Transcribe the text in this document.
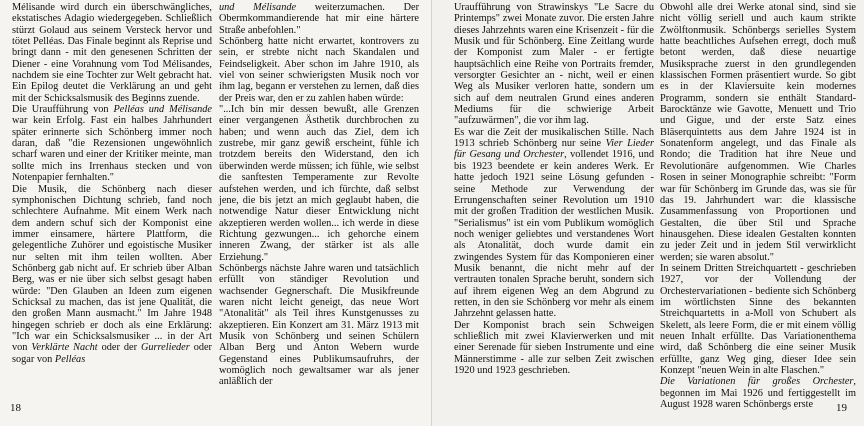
Mélisande wird durch ein überschwängliches, ekstatisches Adagio wiedergegeben. Schließlich stürzt Golaud aus seinem Versteck hervor und tötet Pelléas. Das Finale beginnt als Reprise und bringt dann - mit den genesenen Schritten der Diener - eine Vorahnung vom Tod Mélisandes, nachdem sie eine Tochter zur Welt gebracht hat. Ein Epilog deutet die Verklärung an und geht mit der Schicksalsmusik des Beginns zuende.

Die Uraufführung von Pelléas und Mélisande war kein Erfolg. Fast ein halbes Jahrhundert später erinnerte sich Schönberg immer noch daran, daß "die Rezensionen ungewöhnlich scharf waren und einer der Kritiker meinte, man sollte mich ins Irrenhaus stecken und von Notenpapier fernhalten."

Die Musik, die Schönberg nach dieser symphonischen Dichtung schrieb, fand noch schlechtere Aufnahme. Mit einem Werk nach dem andern schuf sich der Komponist eine immer einsamere, härtere Plattform, die gelegentliche Zuhörer und egoistische Musiker nur selten mit ihm teilen wollten. Aber Schönberg gab nicht auf. Er schrieb über Alban Berg, was er nie über sich selbst gesagt haben würde: "Den Glauben an Ideen zum eigenen Schicksal zu machen, das ist jene Qualität, die den großen Mann ausmacht." Im Jahre 1948 hingegen schrieb er doch als eine Erklärung: "Ich war ein Schicksalsmusiker ... in der Art von Verklärte Nacht oder der Gurrelieder oder sogar von Pelléas

und Mélisande weiterzumachen. Der Obermkommandierende hat mir eine härtere Straße anbefohlen."

Schönberg hatte nicht erwartet, kontrovers zu sein, er strebte nicht nach Skandalen und Feindseligkeit. Aber schon im Jahre 1910, als viel von seiner schwierigsten Musik noch vor ihm lag, begann er verstehen zu lernen, daß dies der Preis war, den er zu zahlen haben würde:

"...Ich bin mir dessen bewußt, alle Grenzen einer vergangenen Ästhetik durchbrochen zu haben; und wenn auch das Ziel, dem ich zustrebe, mir ganz gewiß erscheint, fühle ich trotzdem bereits den Widerstand, den ich überwinden werde müssen; ich fühle, wie selbst die sanftesten Temperamente zur Revolte aufstehen werden, und ich fürchte, daß selbst jene, die bis jetzt an mich geglaubt haben, die notwendige Natur dieser Entwicklung nicht akzeptieren werden wollen... ich werde in diese Richtung gezwungen... ich gehorche einem inneren Zwang, der stärker ist als alle Erziehung."

Schönbergs nächste Jahre waren und tatsächlich erfüllt von ständiger Revolution und wachsender Gegnerschaft. Die Musikfreunde waren nicht leicht geneigt, das neue Wort "Atonalität" als Teil ihres Kunstgenusses zu akzeptieren. Ein Konzert am 31. März 1913 mit Musik von Schönberg und seinen Schülern Alban Berg und Anton Webern wurde Gegenstand eines Publikumsaufruhrs, der womöglich noch gewaltsamer war als jener anläßlich der

18

Uraufführung von Strawinskys "Le Sacre du Printemps" zwei Monate zuvor. Die ersten Jahre dieses Jahrzehnts waren eine Krisenzeit - für die Musik und für Schönberg. Eine Zeitlang wurde der Komponist zum Maler - er fertigte hauptsächlich eine Reihe von Portraits fremder, versorgter Gesichter an - nicht, weil er einen Weg als Musiker verloren hatte, sondern um sich auf dem neutralen Grund eines anderen Mediums für die schwierige Arbeit "aufzuwärmen", die vor ihm lag.

Es war die Zeit der musikalischen Stille. Nach 1913 schrieb Schönberg nur seine Vier Lieder für Gesang und Orchester, vollendet 1916, und bis 1923 beendete er kein anderes Werk. Er hatte jedoch 1921 seine Lösung gefunden - seine Methode zur Verwendung der Errungenschaften seiner Revolution um 1910 mit der großen Tradition der westlichen Musik. "Serialismus" ist ein vom Publikum womöglich noch weniger geliebtes und verstandenes Wort als Atonalität, doch wurde damit ein zwingendes System für das Komponieren einer Musik benannt, die nicht mehr auf der vertrauten tonalen Sprache beruht, sondern sich auf ihrem eigenen Weg an dem Abgrund zu retten, in den sie Schönberg vor mehr als einem Jahrzehnt gelassen hatte.

Der Komponist brach sein Schweigen schließlich mit zwei Klavierwerken und mit einer Serenade für sieben Instrumente und eine Männerstimme - alle zur selben Zeit zwischen 1920 und 1923 geschrieben.

Obwohl alle drei Werke atonal sind, sind sie nicht völlig seriell und auch kaum strikte Zwölftonmusik. Schönbergs serielles System hatte beachtliches Aufsehen erregt, doch muß betont werden, daß diese neuartige Musiksprache zuerst in den grundlegenden klassischen Formen präsentiert wurde. So gibt es in der Klaviersuite kein modernes Programm, sondern sie enthält Standard-Barocktänze wie Gavotte, Menuett und Trio und Gigue, und der erste Satz eines Bläserquintetts aus dem Jahre 1924 ist in Sonatenform angelegt, und das Finale als Rondo; die Tradition hat ihre Neue und Revolutionäre aufgenommen. Wie Charles Rosen in seiner Monographie schreibt: "Form war für Schönberg im Grunde das, was sie für das 19. Jahrhundert war: die klassische Zusammenfassung von Proportionen und Gestalten, die über Stil und Sprache hinausgehen. Diese idealen Gestalten konnten zu jeder Zeit und in jedem Stil verwirklicht werden; sie waren absolut."

In seinem Dritten Streichquartett - geschrieben 1927, vor der Vollendung der Orchestervariationen - bediente sich Schönberg im wörtlichsten Sinne des bekannten Streichquartetts in a-Moll von Schubert als Skelett, als leere Form, die er mit einem völlig neuen Inhalt erfüllte. Das Variationenthema wird, daß Schönberg die eine seiner Musik erfüllte, ganz Weg ging, dieser Idee sein Konzept "neuen Wein in alte Flaschen."

Die Variationen für großes Orchester, begonnen im Mai 1926 und fertiggestellt im August 1928 waren Schönbergs erste	19
